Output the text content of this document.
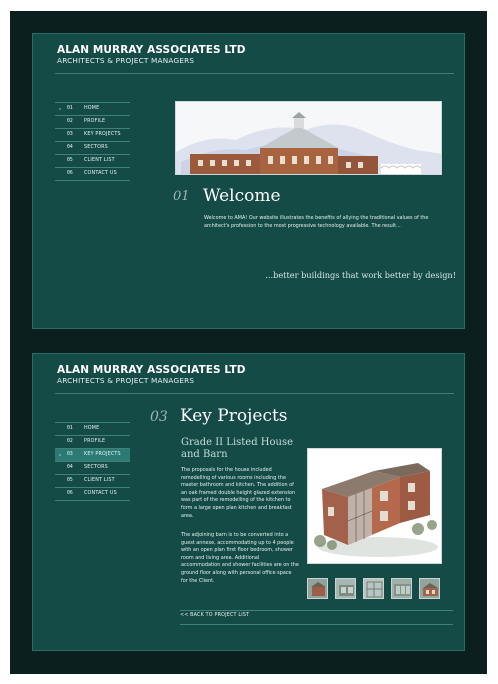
ALAN MURRAY ASSOCIATES LTD
ARCHITECTS & PROJECT MANAGERS
▸ 01 HOME
02 PROFILE
03 KEY PROJECTS
04 SECTORS
05 CLIENT LIST
06 CONTACT US
01 Welcome
Welcome to AMA! Our website illustrates the benefits of allying the traditional values of the architect's profession to the most progressive technology available. The result...
...better buildings that work better by design!
ALAN MURRAY ASSOCIATES LTD
ARCHITECTS & PROJECT MANAGERS
01 HOME
02 PROFILE
▸ 03 KEY PROJECTS
04 SECTORS
05 CLIENT LIST
06 CONTACT US
03 Key Projects
Grade II Listed House and Barn
The proposals for the house included remodelling of various rooms including the master bathroom and kitchen. The addition of an oak framed double height glazed extension was part of the remodelling of the kitchen to form a large open plan kitchen and breakfast area.
The adjoining barn is to be converted into a guest annexe, accommodating up to 4 people with an open plan first floor bedroom, shower room and living area. Additional accommodation and shower facilities are on the ground floor along with personal office space for the Client.
<< BACK TO PROJECT LIST
